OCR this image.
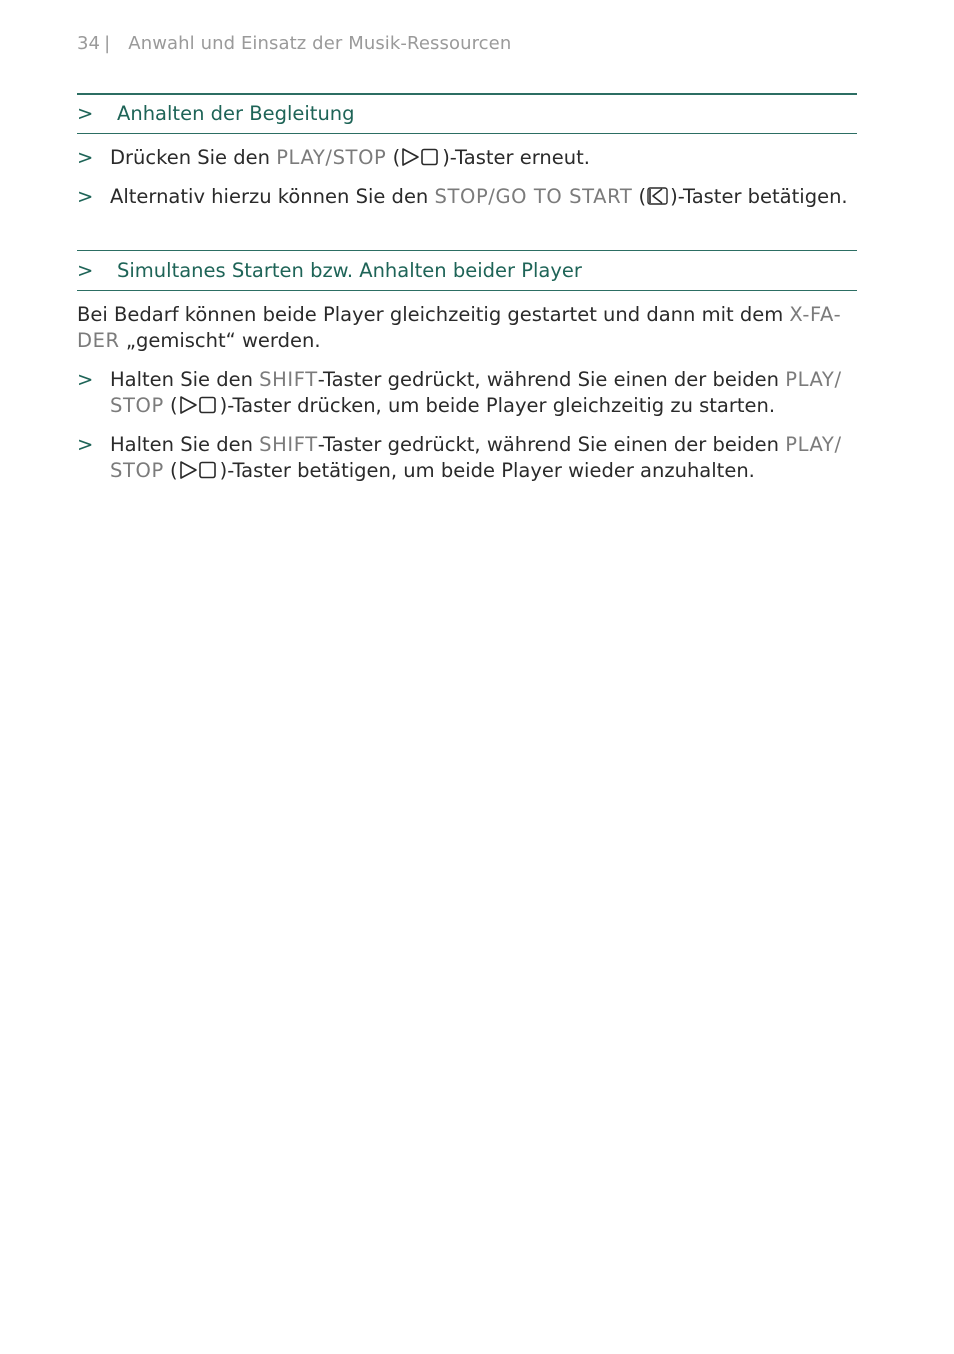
34 | Anwahl und Einsatz der Musik-Ressourcen
> Anhalten der Begleitung
> Drücken Sie den PLAY/STOP ( )-Taster erneut.
> Alternativ hierzu können Sie den STOP/GO TO START ( )-Taster betätigen.
> Simultanes Starten bzw. Anhalten beider Player
Bei Bedarf können beide Player gleichzeitig gestartet und dann mit dem X-FA-
DER „gemischt“ werden.
> Halten Sie den SHIFT-Taster gedrückt, während Sie einen der beiden PLAY/
STOP ( )-Taster drücken, um beide Player gleichzeitig zu starten.
> Halten Sie den SHIFT-Taster gedrückt, während Sie einen der beiden PLAY/
STOP ( )-Taster betätigen, um beide Player wieder anzuhalten.
